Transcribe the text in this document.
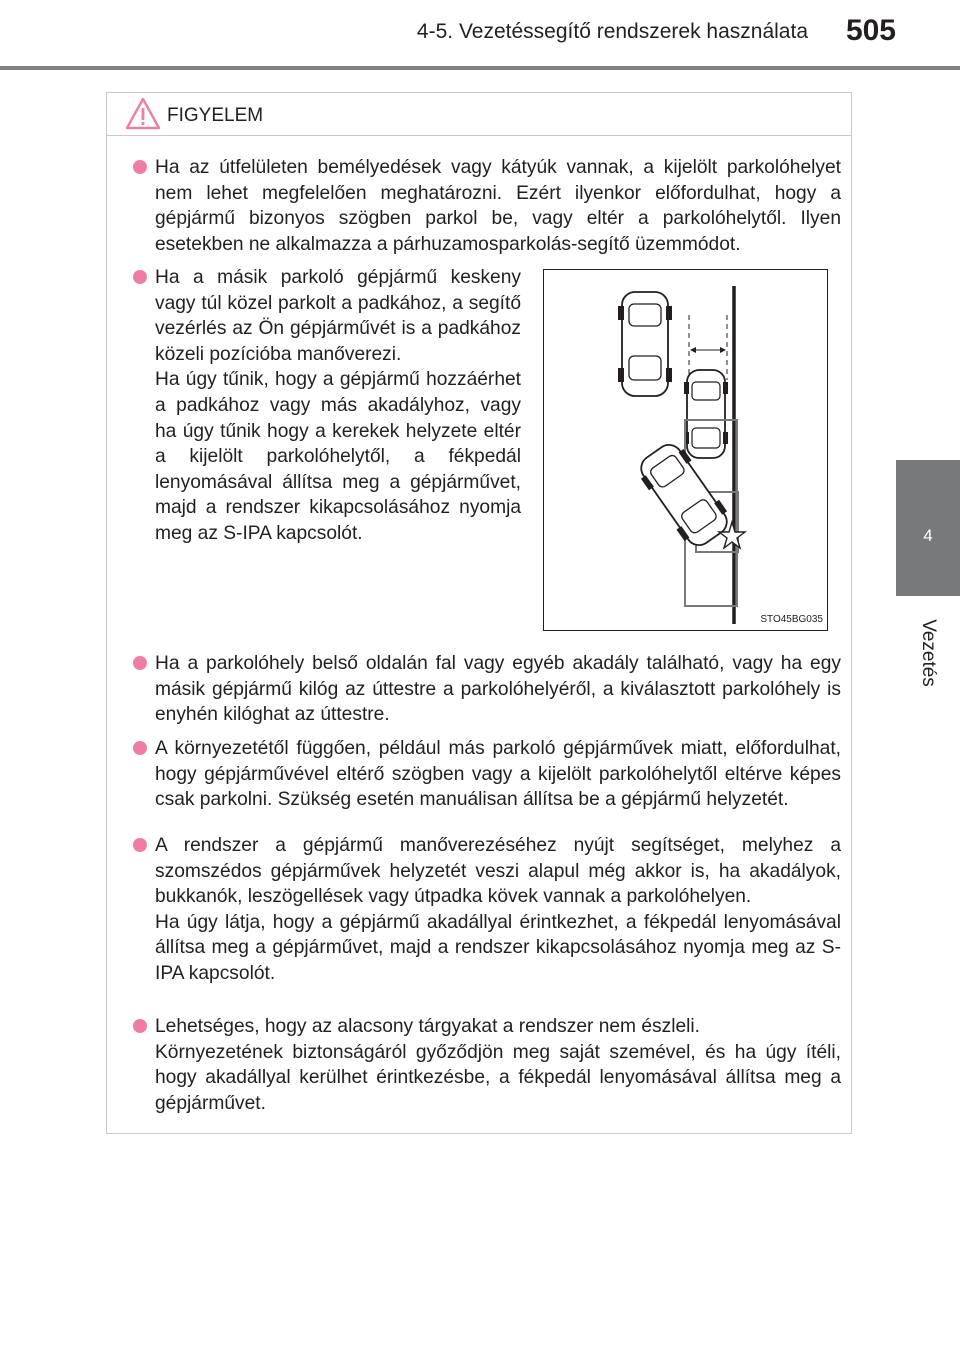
4-5. Vezetéssegítő rendszerek használata 505
4
Vezetés
FIGYELEM

Ha az útfelületen bemélyedések vagy kátyúk vannak, a kijelölt parkolóhelyet nem lehet megfelelően meghatározni. Ezért ilyenkor előfordulhat, hogy a gépjármű bizonyos szögben parkol be, vagy eltér a parkolóhelytől. Ilyen esetekben ne alkalmazza a párhuzamosparkolás-segítő üzemmódot.

Ha a másik parkoló gépjármű keskeny vagy túl közel parkolt a padkához, a segítő vezérlés az Ön gépjárművét is a padkához közeli pozícióba manőverezi.

Ha úgy tűnik, hogy a gépjármű hozzáérhet a padkához vagy más akadályhoz, vagy ha úgy tűnik hogy a kerekek helyzete eltér a kijelölt parkolóhelytől, a fékpedál lenyomásával állítsa meg a gépjárművet, majd a rendszer kikapcsolásához nyomja meg az S-IPA kapcsolót.

STO45BG035

Ha a parkolóhely belső oldalán fal vagy egyéb akadály található, vagy ha egy másik gépjármű kilóg az úttestre a parkolóhelyéről, a kiválasztott parkolóhely is enyhén kilóghat az úttestre.

A környezetétől függően, például más parkoló gépjárművek miatt, előfordulhat, hogy gépjárművével eltérő szögben vagy a kijelölt parkolóhelytől eltérve képes csak parkolni. Szükség esetén manuálisan állítsa be a gépjármű helyzetét.

A rendszer a gépjármű manőverezéséhez nyújt segítséget, melyhez a szomszédos gépjárművek helyzetét veszi alapul még akkor is, ha akadályok, bukkanók, leszögellések vagy útpadka kövek vannak a parkolóhelyen.

Ha úgy látja, hogy a gépjármű akadállyal érintkezhet, a fékpedál lenyomásával állítsa meg a gépjárművet, majd a rendszer kikapcsolásához nyomja meg az S-IPA kapcsolót.

Lehetséges, hogy az alacsony tárgyakat a rendszer nem észleli.

Környezetének biztonságáról győződjön meg saját szemével, és ha úgy ítéli, hogy akadállyal kerülhet érintkezésbe, a fékpedál lenyomásával állítsa meg a gépjárművet.
